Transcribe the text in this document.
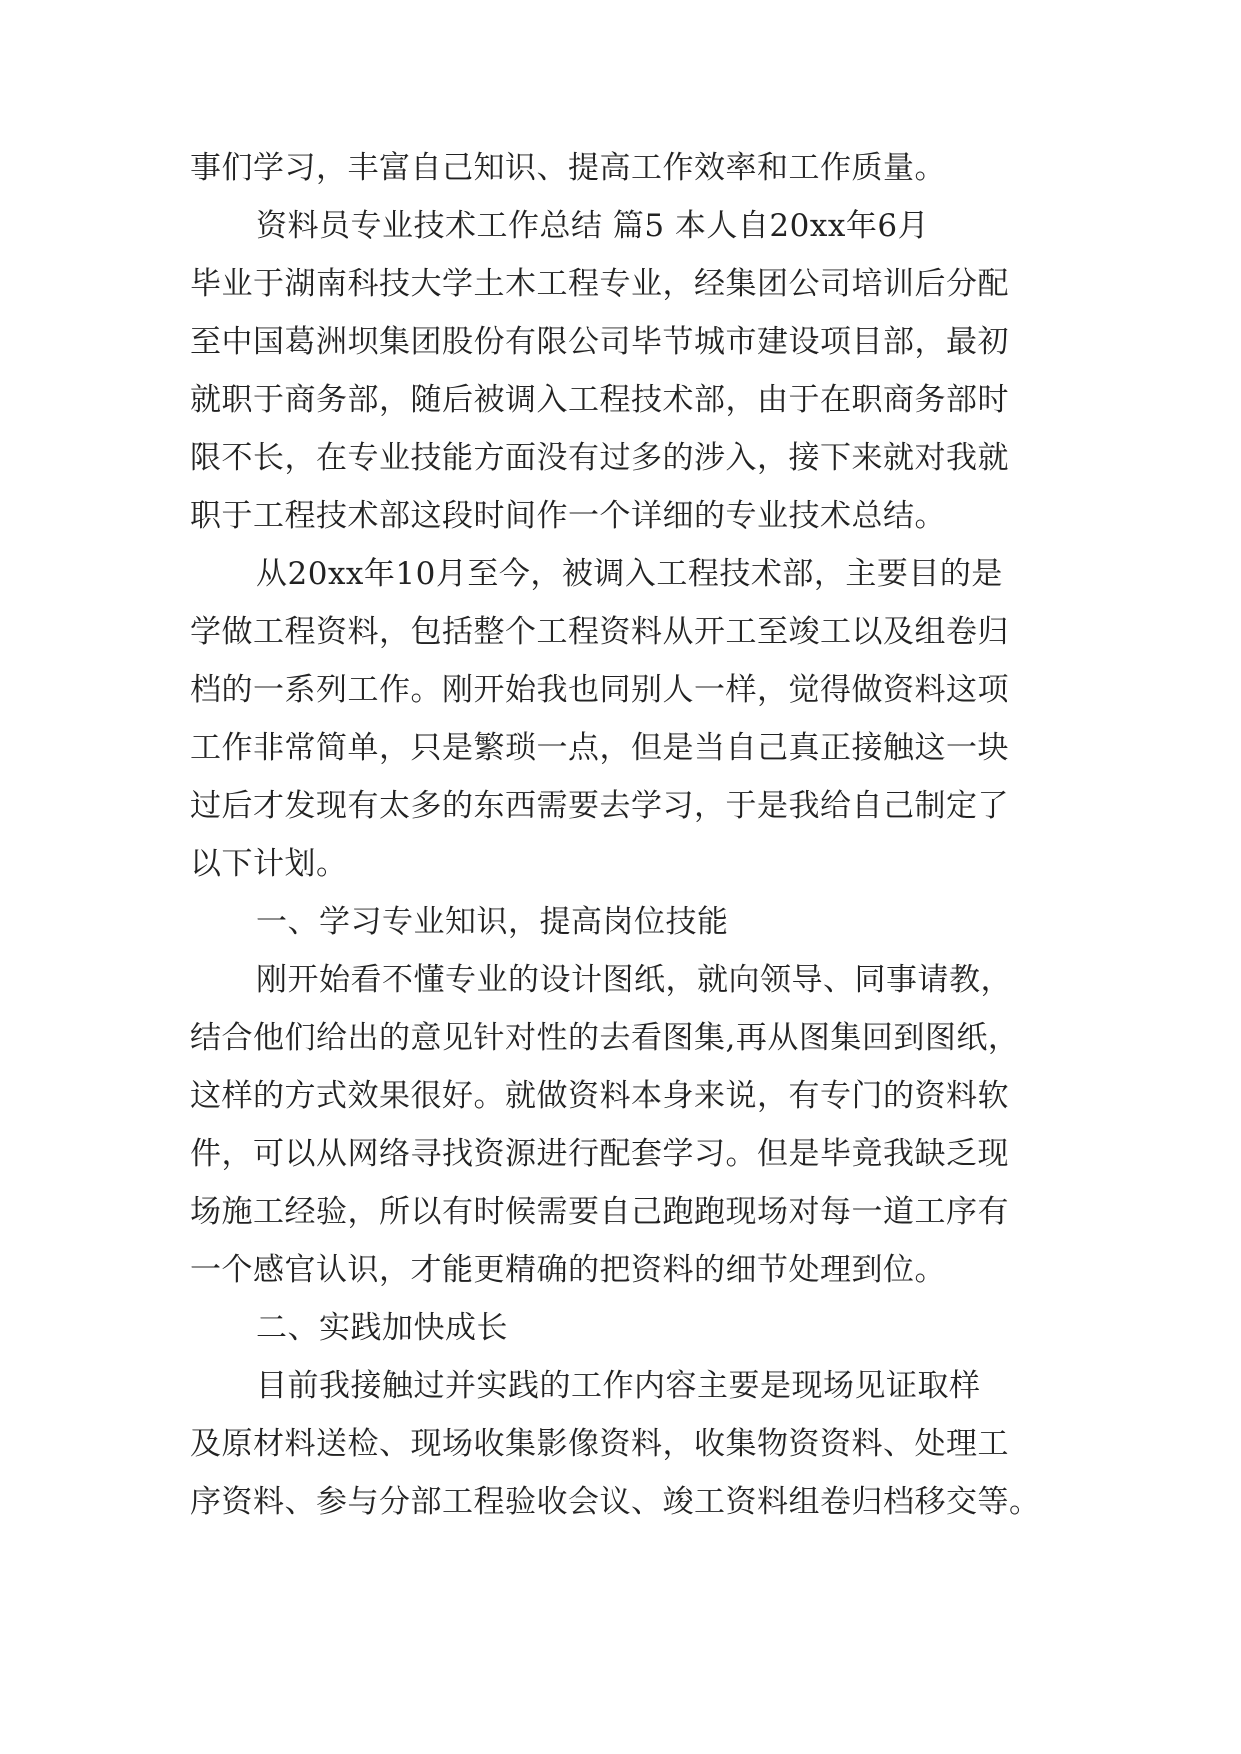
事们学习，丰富自己知识、提高工作效率和工作质量。
资料员专业技术工作总结 篇5 本人自20xx年6月
毕业于湖南科技大学土木工程专业，经集团公司培训后分配
至中国葛洲坝集团股份有限公司毕节城市建设项目部，最初
就职于商务部，随后被调入工程技术部，由于在职商务部时
限不长，在专业技能方面没有过多的涉入，接下来就对我就
职于工程技术部这段时间作一个详细的专业技术总结。
从20xx年10月至今，被调入工程技术部，主要目的是
学做工程资料，包括整个工程资料从开工至竣工以及组卷归
档的一系列工作。刚开始我也同别人一样，觉得做资料这项
工作非常简单，只是繁琐一点，但是当自己真正接触这一块
过后才发现有太多的东西需要去学习，于是我给自己制定了
以下计划。
一、学习专业知识，提高岗位技能
刚开始看不懂专业的设计图纸，就向领导、同事请教，
结合他们给出的意见针对性的去看图集,再从图集回到图纸，
这样的方式效果很好。就做资料本身来说，有专门的资料软
件，可以从网络寻找资源进行配套学习。但是毕竟我缺乏现
场施工经验，所以有时候需要自己跑跑现场对每一道工序有
一个感官认识，才能更精确的把资料的细节处理到位。
二、实践加快成长
目前我接触过并实践的工作内容主要是现场见证取样
及原材料送检、现场收集影像资料，收集物资资料、处理工
序资料、参与分部工程验收会议、竣工资料组卷归档移交等。
